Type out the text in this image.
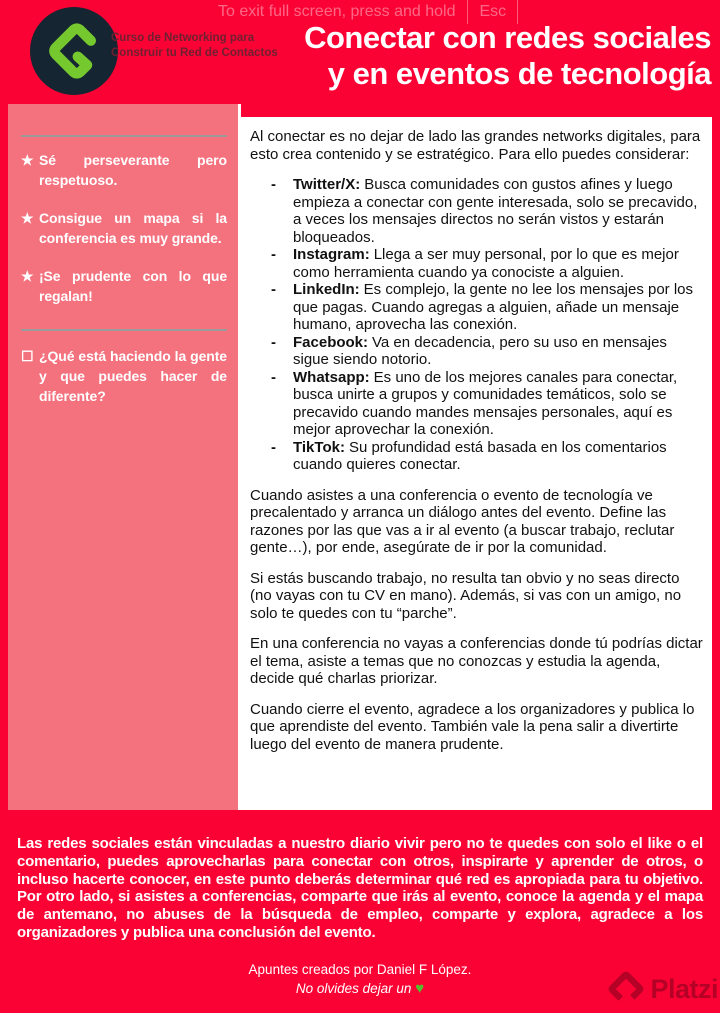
To exit full screen, press and hold	Esc
Curso de Networking para Construir tu Red de Contactos Conectar con redes sociales
y en eventos de tecnología
★ Sé perseverante pero respetuoso.
★ Consigue un mapa si la conferencia es muy grande.
★ ¡Se prudente con lo que regalan!
☐ ¿Qué está haciendo la gente y que puedes hacer de diferente?

Al conectar es no dejar de lado las grandes networks digitales, para esto crea contenido y se estratégico. Para ello puedes considerar:

- Twitter/X: Busca comunidades con gustos afines y luego empieza a conectar con gente interesada, solo se precavido, a veces los mensajes directos no serán vistos y estarán bloqueados.
- Instagram: Llega a ser muy personal, por lo que es mejor como herramienta cuando ya conociste a alguien.
- LinkedIn: Es complejo, la gente no lee los mensajes por los que pagas. Cuando agregas a alguien, añade un mensaje humano, aprovecha las conexión.
- Facebook: Va en decadencia, pero su uso en mensajes sigue siendo notorio.
- Whatsapp: Es uno de los mejores canales para conectar, busca unirte a grupos y comunidades temáticos, solo se precavido cuando mandes mensajes personales, aquí es mejor aprovechar la conexión.
- TikTok: Su profundidad está basada en los comentarios cuando quieres conectar.

Cuando asistes a una conferencia o evento de tecnología ve precalentado y arranca un diálogo antes del evento. Define las razones por las que vas a ir al evento (a buscar trabajo, reclutar gente…), por ende, asegúrate de ir por la comunidad.

Si estás buscando trabajo, no resulta tan obvio y no seas directo (no vayas con tu CV en mano). Además, si vas con un amigo, no solo te quedes con tu “parche”.

En una conferencia no vayas a conferencias donde tú podrías dictar el tema, asiste a temas que no conozcas y estudia la agenda, decide qué charlas priorizar.

Cuando cierre el evento, agradece a los organizadores y publica lo que aprendiste del evento. También vale la pena salir a divertirte luego del evento de manera prudente.

Las redes sociales están vinculadas a nuestro diario vivir pero no te quedes con solo el like o el comentario, puedes aprovecharlas para conectar con otros, inspirarte y aprender de otros, o incluso hacerte conocer, en este punto deberás determinar qué red es apropiada para tu objetivo. Por otro lado, si asistes a conferencias, comparte que irás al evento, conoce la agenda y el mapa de antemano, no abuses de la búsqueda de empleo, comparte y explora, agradece a los organizadores y publica una conclusión del evento.

Apuntes creados por Daniel F López.
No olvides dejar un ♥	Platzi
